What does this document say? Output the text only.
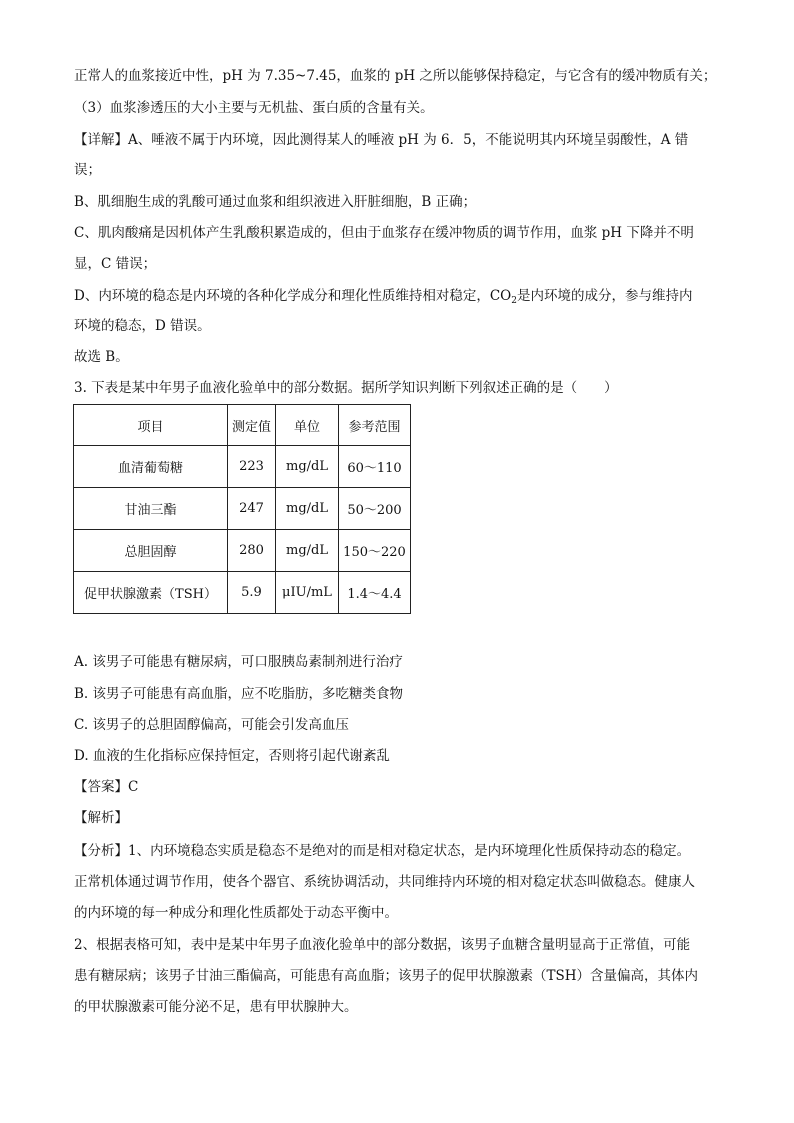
正常人的血浆接近中性，pH 为 7.35~7.45，血浆的 pH 之所以能够保持稳定，与它含有的缓冲物质有关；
（3）血浆渗透压的大小主要与无机盐、蛋白质的含量有关。
【详解】A、唾液不属于内环境，因此测得某人的唾液 pH 为 6．5，不能说明其内环境呈弱酸性，A 错
误；
B、肌细胞生成的乳酸可通过血浆和组织液进入肝脏细胞，B 正确；
C、肌肉酸痛是因机体产生乳酸积累造成的，但由于血浆存在缓冲物质的调节作用，血浆 pH 下降并不明
显，C 错误；
D、内环境的稳态是内环境的各种化学成分和理化性质维持相对稳定，$CO_2$是内环境的成分，参与维持内
环境的稳态，D 错误。
故选 B。
3. 下表是某中年男子血液化验单中的部分数据。据所学知识判断下列叙述正确的是（　　）
项目	测定值	单位	参考范围
血清葡萄糖	223	mg/dL	60～110
甘油三酯	247	mg/dL	50～200
总胆固醇	280	mg/dL	150～220
促甲状腺激素（TSH）	5.9	μIU/mL	1.4～4.4
A. 该男子可能患有糖尿病，可口服胰岛素制剂进行治疗
B. 该男子可能患有高血脂，应不吃脂肪，多吃糖类食物
C. 该男子的总胆固醇偏高，可能会引发高血压
D. 血液的生化指标应保持恒定，否则将引起代谢紊乱
【答案】C
【解析】
【分析】1、内环境稳态实质是稳态不是绝对的而是相对稳定状态，是内环境理化性质保持动态的稳定。
正常机体通过调节作用，使各个器官、系统协调活动，共同维持内环境的相对稳定状态叫做稳态。健康人
的内环境的每一种成分和理化性质都处于动态平衡中。
2、根据表格可知，表中是某中年男子血液化验单中的部分数据，该男子血糖含量明显高于正常值，可能
患有糖尿病；该男子甘油三酯偏高，可能患有高血脂；该男子的促甲状腺激素（TSH）含量偏高，其体内
的甲状腺激素可能分泌不足，患有甲状腺肿大。
